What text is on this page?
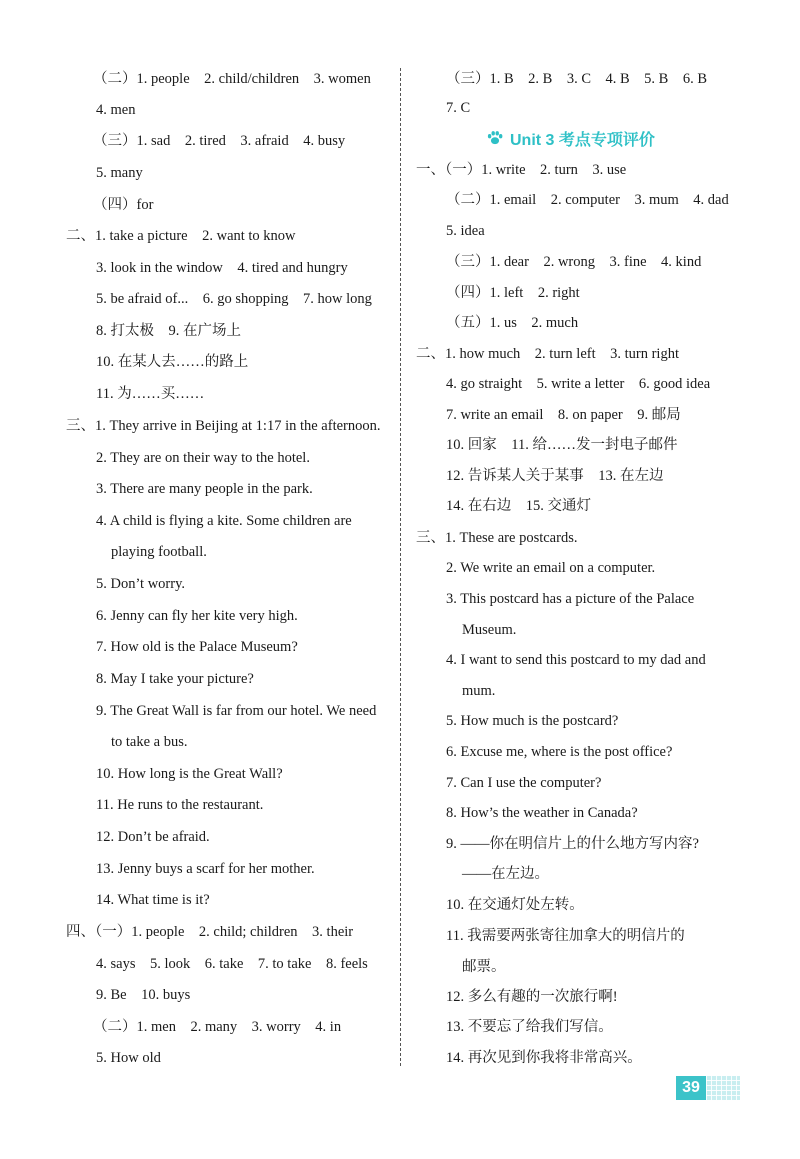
（二）1. people　2. child/children　3. women
4. men
（三）1. sad　2. tired　3. afraid　4. busy
5. many
（四）for
二、1. take a picture　2. want to know
3. look in the window　4. tired and hungry
5. be afraid of...　6. go shopping　7. how long
8. 打太极　9. 在广场上
10. 在某人去……的路上
11. 为……买……
三、1. They arrive in Beijing at 1:17 in the afternoon.
2. They are on their way to the hotel.
3. There are many people in the park.
4. A child is flying a kite. Some children are
playing football.
5. Don’t worry.
6. Jenny can fly her kite very high.
7. How old is the Palace Museum?
8. May I take your picture?
9. The Great Wall is far from our hotel. We need
to take a bus.
10. How long is the Great Wall?
11. He runs to the restaurant.
12. Don’t be afraid.
13. Jenny buys a scarf for her mother.
14. What time is it?
四、（一）1. people　2. child; children　3. their
4. says　5. look　6. take　7. to take　8. feels
9. Be　10. buys
（二）1. men　2. many　3. worry　4. in
5. How old
（三）1. B　2. B　3. C　4. B　5. B　6. B
7. C
一、（一）1. write　2. turn　3. use
（二）1. email　2. computer　3. mum　4. dad
5. idea
（三）1. dear　2. wrong　3. fine　4. kind
（四）1. left　2. right
（五）1. us　2. much
二、1. how much　2. turn left　3. turn right
4. go straight　5. write a letter　6. good idea
7. write an email　8. on paper　9. 邮局
10. 回家　11. 给……发一封电子邮件
12. 告诉某人关于某事　13. 在左边
14. 在右边　15. 交通灯
三、1. These are postcards.
2. We write an email on a computer.
3. This postcard has a picture of the Palace
Museum.
4. I want to send this postcard to my dad and
mum.
5. How much is the postcard?
6. Excuse me, where is the post office?
7. Can I use the computer?
8. How’s the weather in Canada?
9. ——你在明信片上的什么地方写内容?
——在左边。
10. 在交通灯处左转。
11. 我需要两张寄往加拿大的明信片的
邮票。
12. 多么有趣的一次旅行啊!
13. 不要忘了给我们写信。
14. 再次见到你我将非常高兴。
Unit 3 考点专项评价
39
